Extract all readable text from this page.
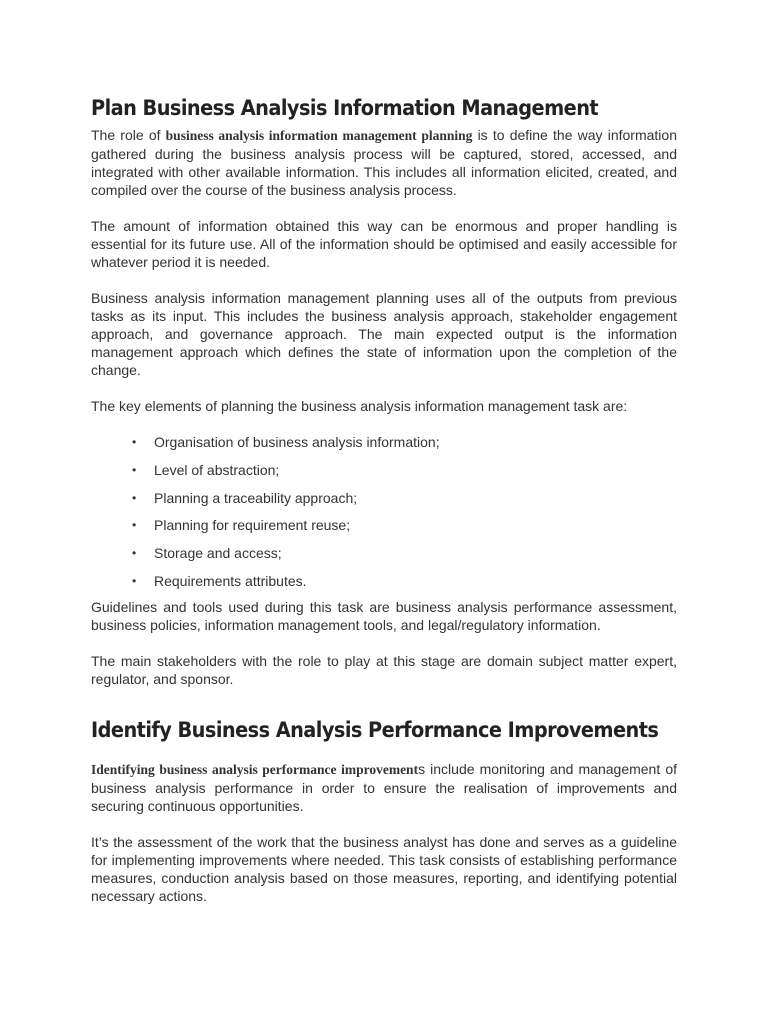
Plan Business Analysis Information Management

The role of business analysis information management planning is to define the way information gathered during the business analysis process will be captured, stored, accessed, and integrated with other available information. This includes all information elicited, created, and compiled over the course of the business analysis process.

The amount of information obtained this way can be enormous and proper handling is essential for its future use. All of the information should be optimised and easily accessible for whatever period it is needed.

Business analysis information management planning uses all of the outputs from previous tasks as its input. This includes the business analysis approach, stakeholder engagement approach, and governance approach. The main expected output is the information management approach which defines the state of information upon the completion of the change.

The key elements of planning the business analysis information management task are:

• Organisation of business analysis information;
• Level of abstraction;
• Planning a traceability approach;
• Planning for requirement reuse;
• Storage and access;
• Requirements attributes.

Guidelines and tools used during this task are business analysis performance assessment, business policies, information management tools, and legal/regulatory information.

The main stakeholders with the role to play at this stage are domain subject matter expert, regulator, and sponsor.

Identify Business Analysis Performance Improvements

Identifying business analysis performance improvements include monitoring and management of business analysis performance in order to ensure the realisation of improvements and securing continuous opportunities.

It’s the assessment of the work that the business analyst has done and serves as a guideline for implementing improvements where needed. This task consists of establishing performance measures, conduction analysis based on those measures, reporting, and identifying potential necessary actions.
